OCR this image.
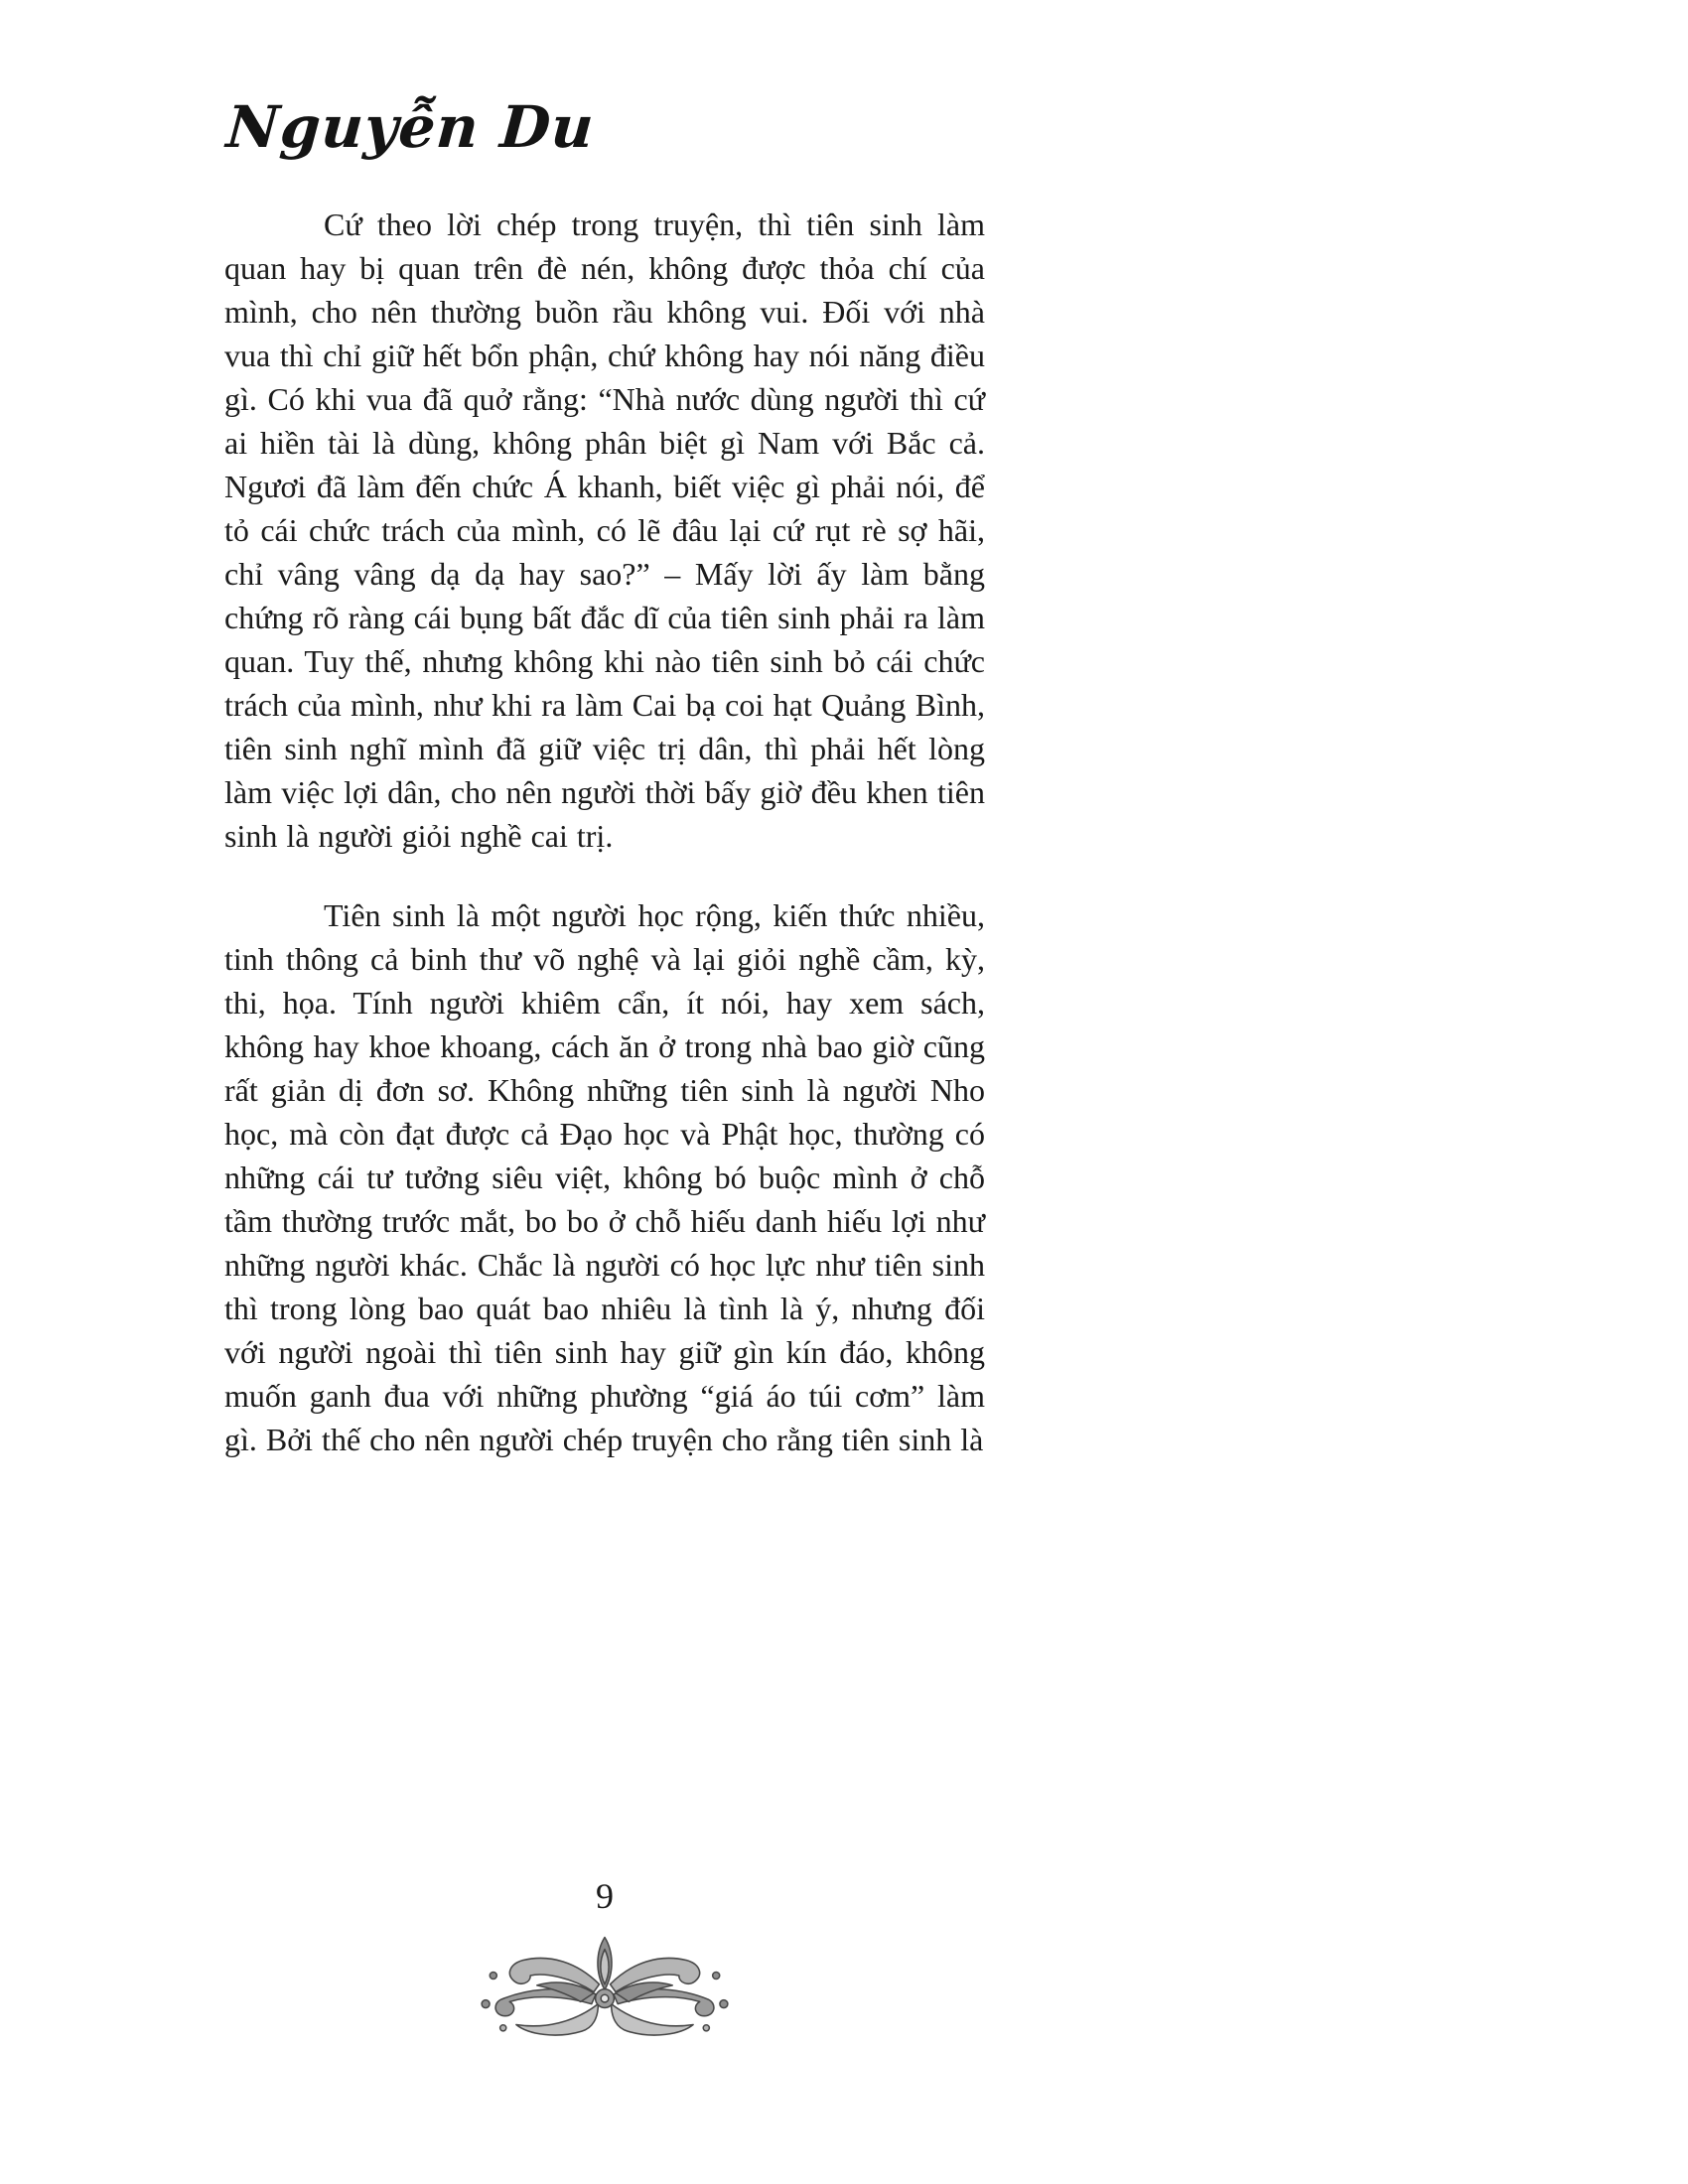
Nguyễn Du

Cứ theo lời chép trong truyện, thì tiên sinh làm quan hay bị quan trên đè nén, không được thỏa chí của mình, cho nên thường buồn rầu không vui. Đối với nhà vua thì chỉ giữ hết bổn phận, chứ không hay nói năng điều gì. Có khi vua đã quở rằng: “Nhà nước dùng người thì cứ ai hiền tài là dùng, không phân biệt gì Nam với Bắc cả. Ngươi đã làm đến chức Á khanh, biết việc gì phải nói, để tỏ cái chức trách của mình, có lẽ đâu lại cứ rụt rè sợ hãi, chỉ vâng vâng dạ dạ hay sao?” – Mấy lời ấy làm bằng chứng rõ ràng cái bụng bất đắc dĩ của tiên sinh phải ra làm quan. Tuy thế, nhưng không khi nào tiên sinh bỏ cái chức trách của mình, như khi ra làm Cai bạ coi hạt Quảng Bình, tiên sinh nghĩ mình đã giữ việc trị dân, thì phải hết lòng làm việc lợi dân, cho nên người thời bấy giờ đều khen tiên sinh là người giỏi nghề cai trị.

Tiên sinh là một người học rộng, kiến thức nhiều, tinh thông cả binh thư võ nghệ và lại giỏi nghề cầm, kỳ, thi, họa. Tính người khiêm cẩn, ít nói, hay xem sách, không hay khoe khoang, cách ăn ở trong nhà bao giờ cũng rất giản dị đơn sơ. Không những tiên sinh là người Nho học, mà còn đạt được cả Đạo học và Phật học, thường có những cái tư tưởng siêu việt, không bó buộc mình ở chỗ tầm thường trước mắt, bo bo ở chỗ hiếu danh hiếu lợi như những người khác. Chắc là người có học lực như tiên sinh thì trong lòng bao quát bao nhiêu là tình là ý, nhưng đối với người ngoài thì tiên sinh hay giữ gìn kín đáo, không muốn ganh đua với những phường “giá áo túi cơm” làm gì. Bởi thế cho nên người chép truyện cho rằng tiên sinh là

9
